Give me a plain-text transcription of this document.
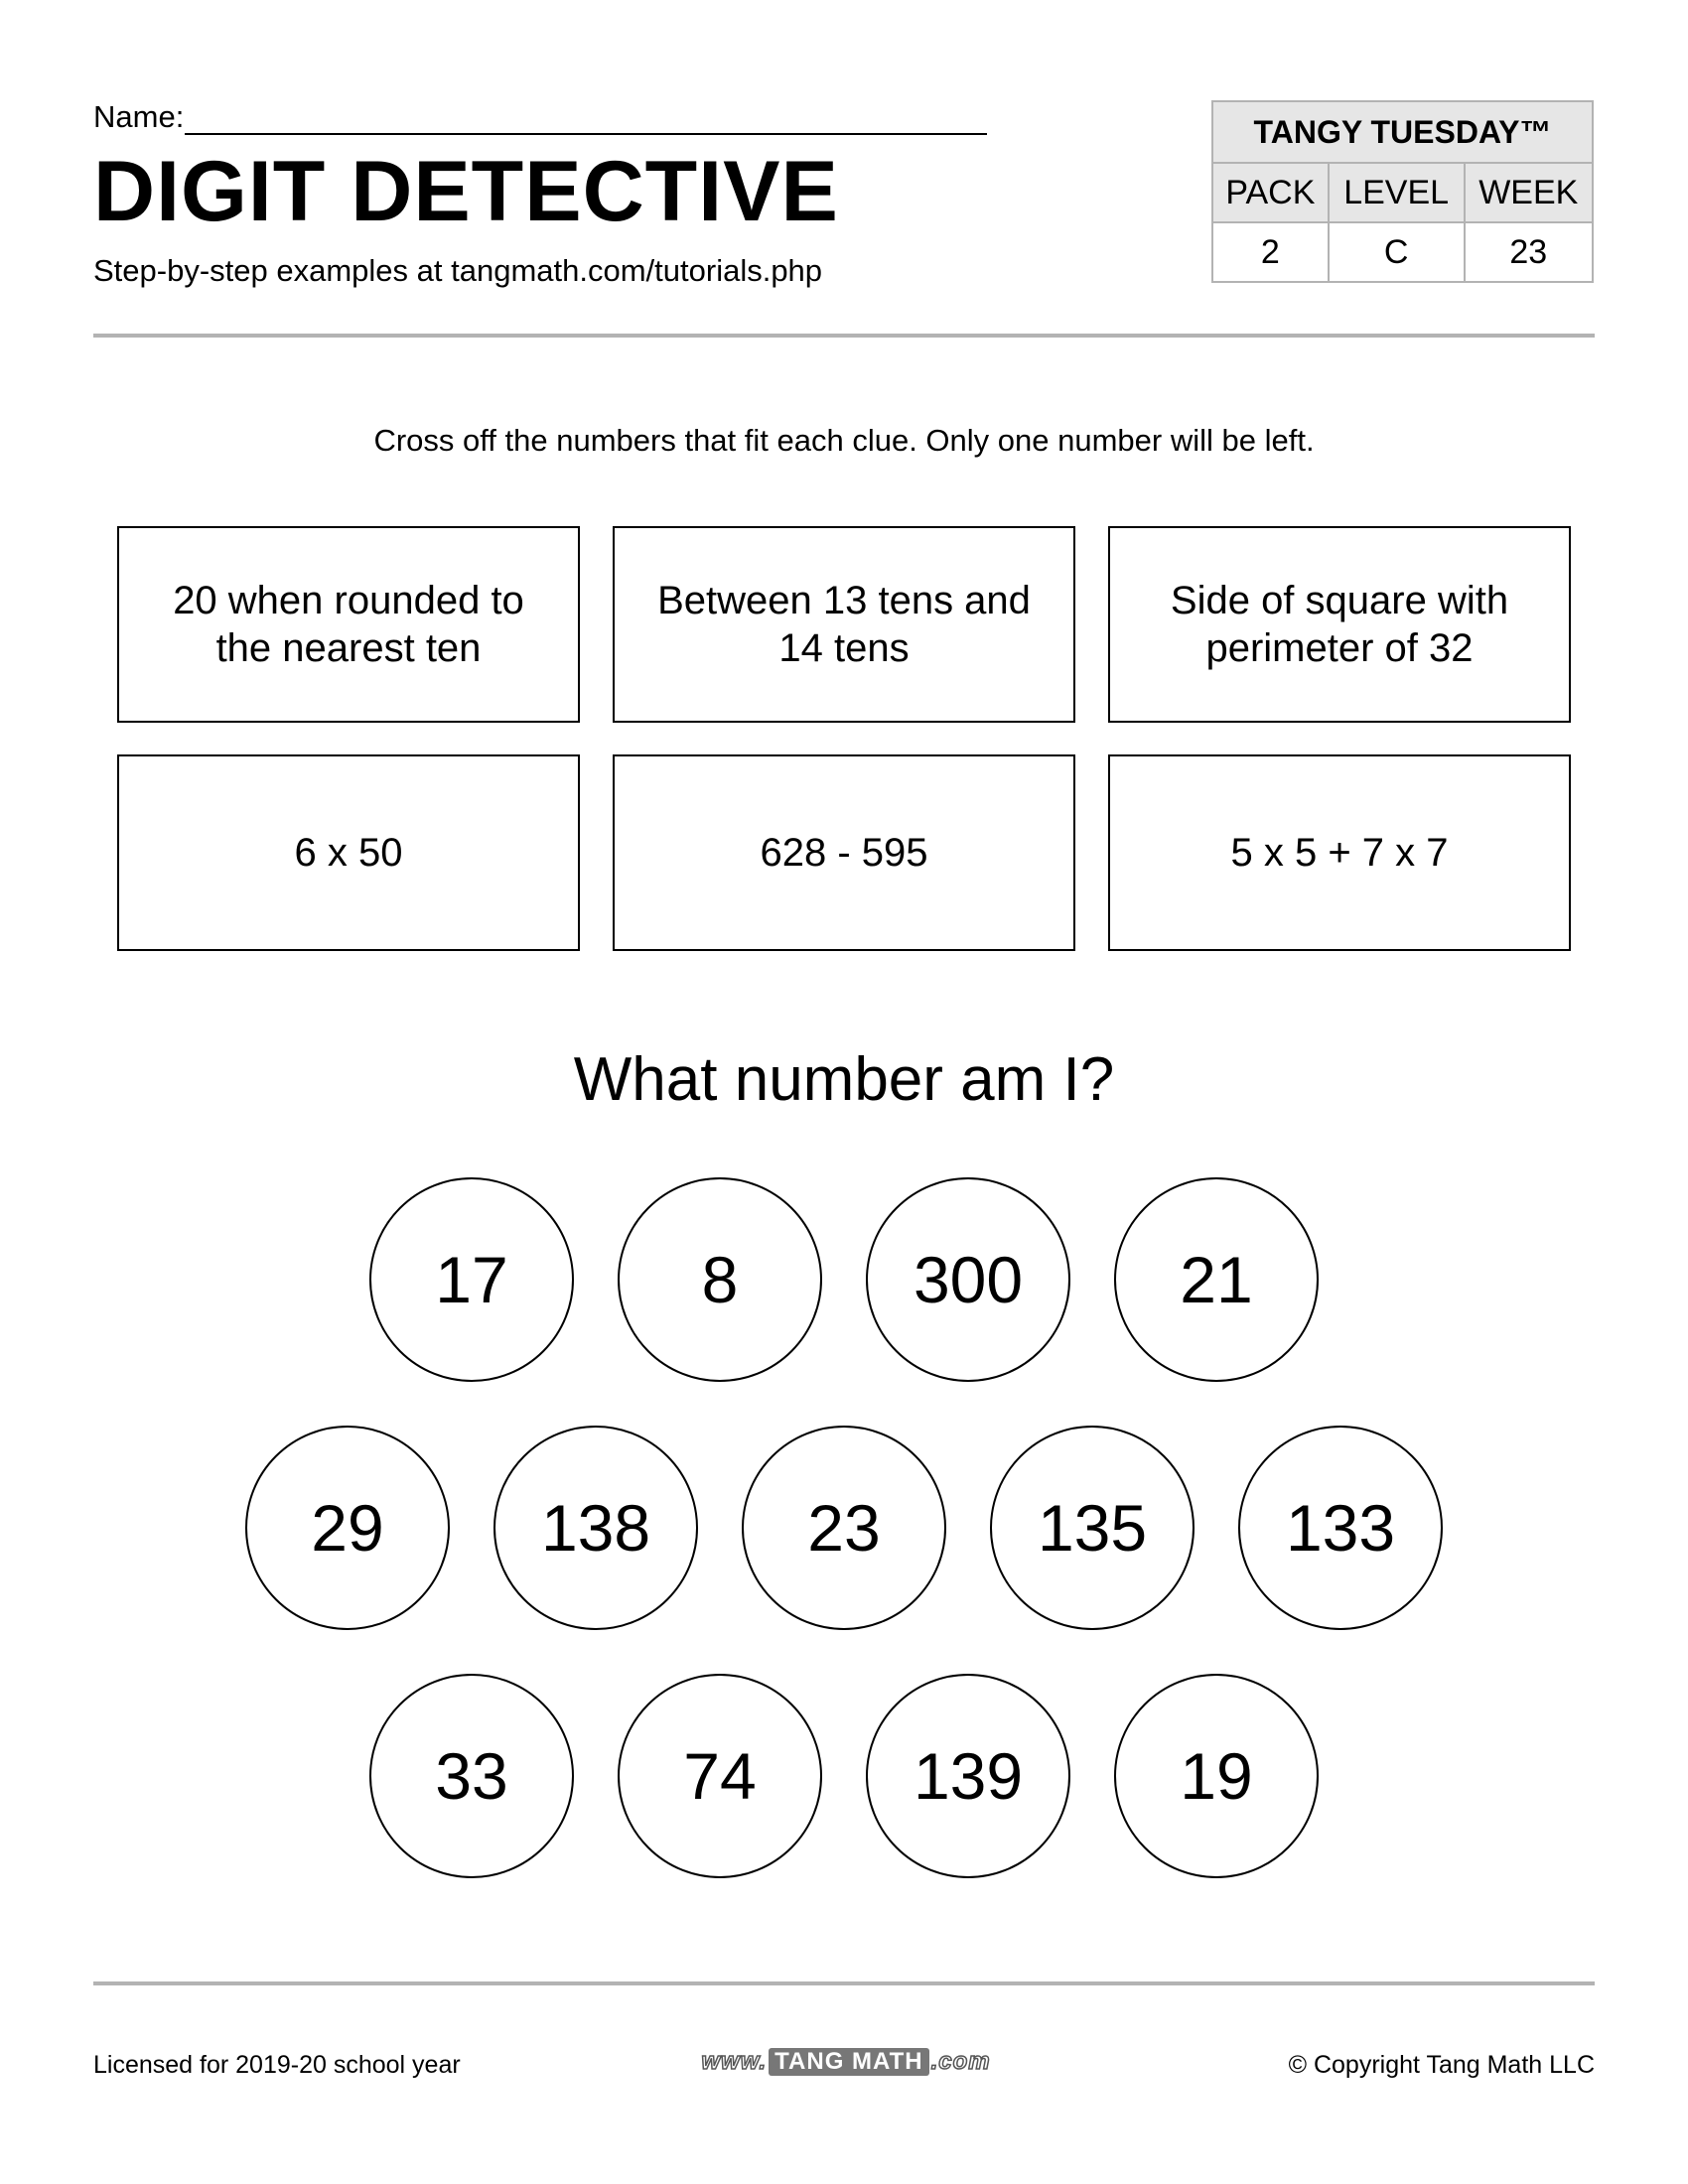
Name:
DIGIT DETECTIVE
Step-by-step examples at tangmath.com/tutorials.php
TANGY TUESDAY™		
PACK	LEVEL	WEEK
2	C	23
Cross off the numbers that fit each clue. Only one number will be left.
20 when rounded to the nearest ten
Between 13 tens and 14 tens
Side of square with perimeter of 32
6 x 50	628 - 595	5 x 5 + 7 x 7
What number am I?
17	8	300	21
29	138	23	135	133
33	74	139	19
Licensed for 2019-20 school year	www. TANG MATH .com	© Copyright Tang Math LLC
